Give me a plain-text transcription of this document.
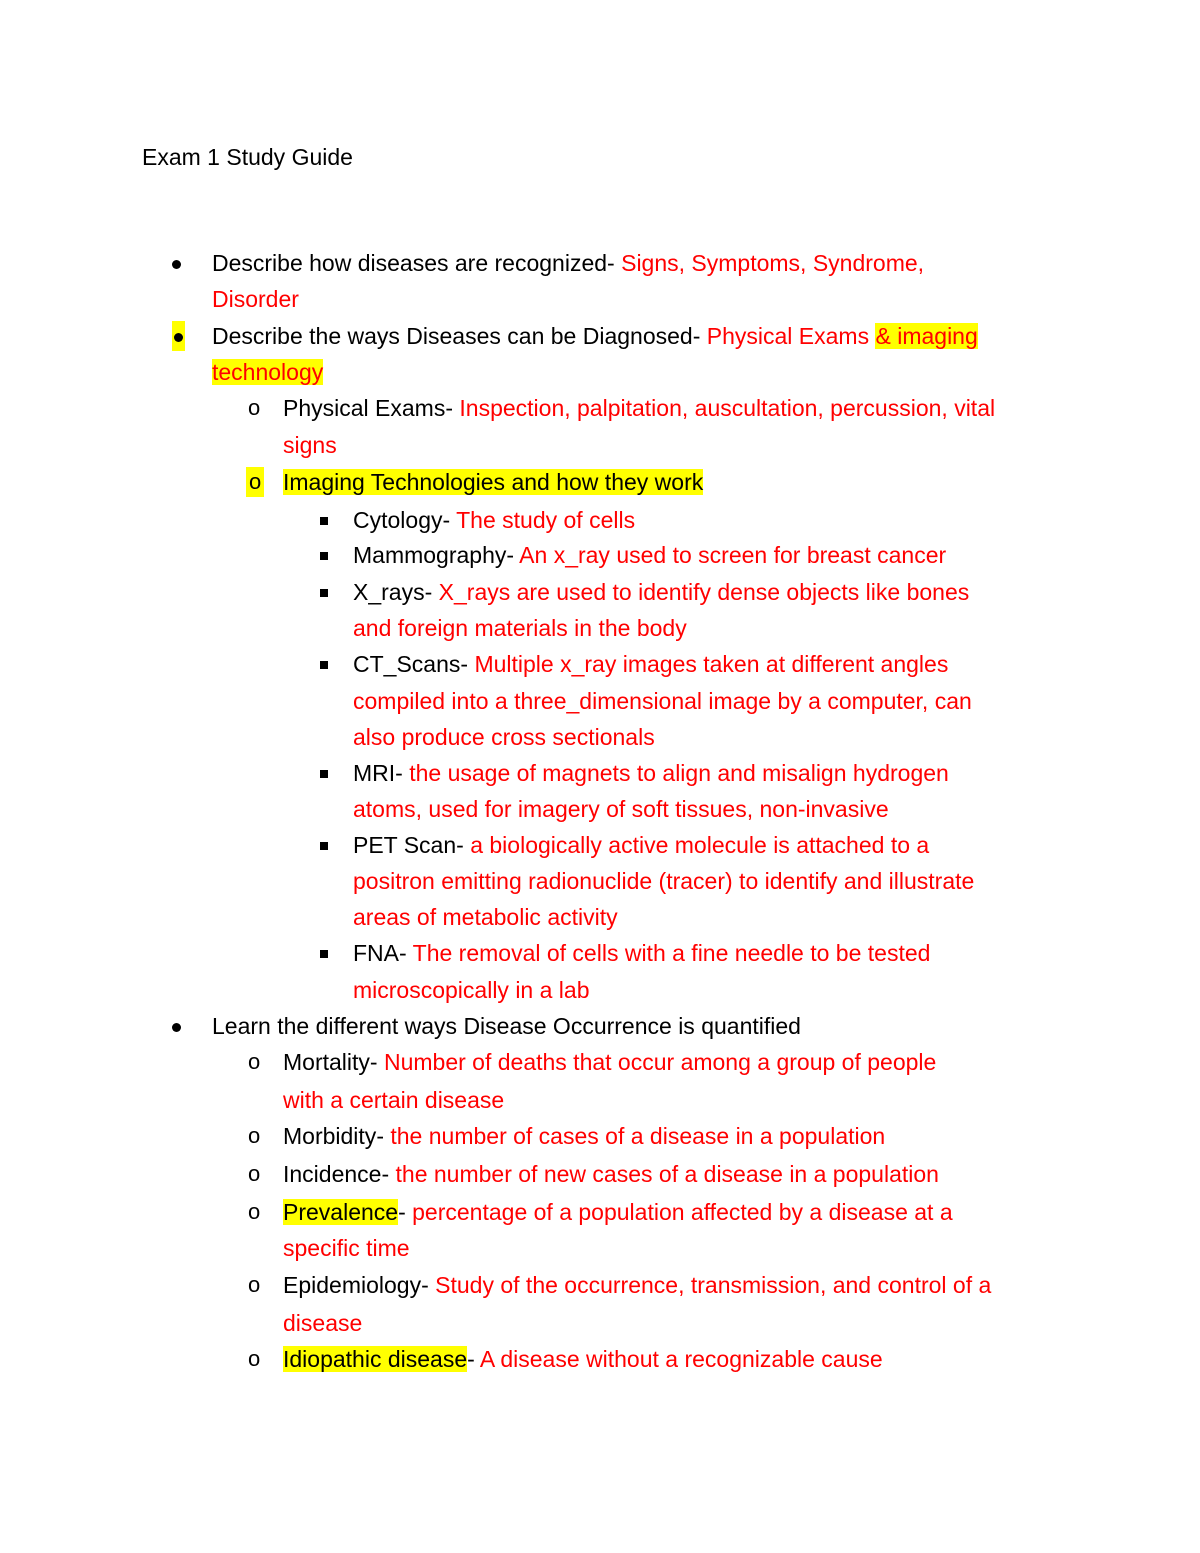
Exam 1 Study Guide
Describe how diseases are recognized- Signs, Symptoms, Syndrome,
Disorder
Describe the ways Diseases can be Diagnosed- Physical Exams & imaging
technology
o Physical Exams- Inspection, palpitation, auscultation, percussion, vital
signs
o Imaging Technologies and how they work
Cytology- The study of cells
Mammography- An x_ray used to screen for breast cancer
X_rays- X_rays are used to identify dense objects like bones
and foreign materials in the body
CT_Scans- Multiple x_ray images taken at different angles
compiled into a three_dimensional image by a computer, can
also produce cross sectionals
MRI- the usage of magnets to align and misalign hydrogen
atoms, used for imagery of soft tissues, non-invasive
PET Scan- a biologically active molecule is attached to a
positron emitting radionuclide (tracer) to identify and illustrate
areas of metabolic activity
FNA- The removal of cells with a fine needle to be tested
microscopically in a lab
Learn the different ways Disease Occurrence is quantified
o Mortality- Number of deaths that occur among a group of people
with a certain disease
o Morbidity- the number of cases of a disease in a population
o Incidence- the number of new cases of a disease in a population
o Prevalence- percentage of a population affected by a disease at a
specific time
o Epidemiology- Study of the occurrence, transmission, and control of a
disease
o Idiopathic disease- A disease without a recognizable cause
